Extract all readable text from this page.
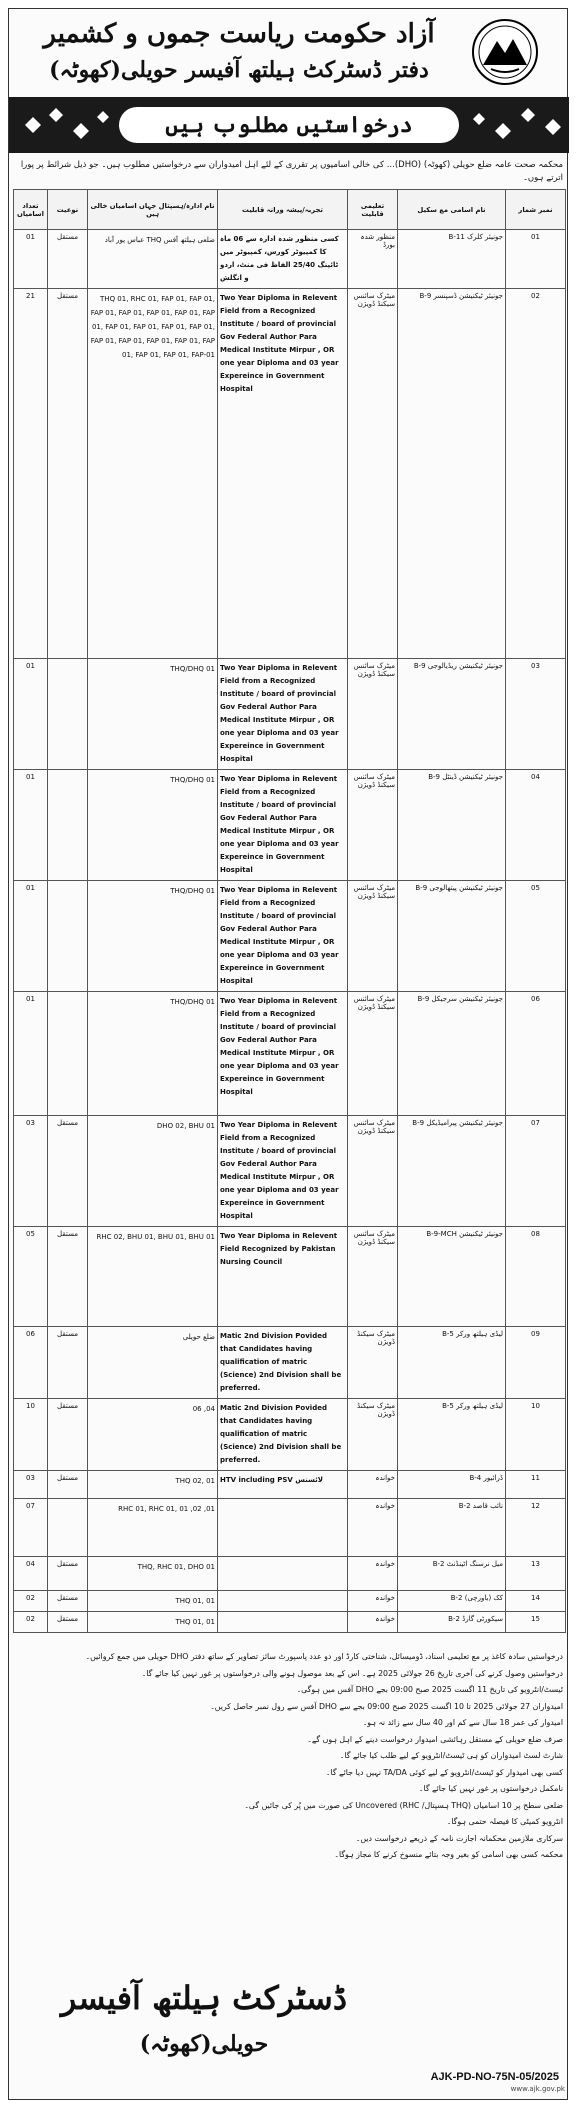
آزاد حکومت ریاست جموں و کشمیر
دفتر ڈسٹرکٹ ہیلتھ آفیسر حویلی(کھوٹہ)
درخواستیں مطلوب ہیں
محکمہ صحت عامہ ضلع حویلی (کھوٹہ) (DHO)... کی خالی اسامیوں پر تقرری کے لئے اہل امیدواران سے درخواستیں مطلوب ہیں۔ جو ذیل شرائط پر پورا اترتے ہوں۔
تعداد اسامیاں	نوعیت	نام ادارہ/ہسپتال جہاں اسامیاں خالی ہیں	تجربہ/پیشہ ورانہ قابلیت	تعلیمی قابلیت	نام اسامی مع سکیل	نمبر شمار
01	مستقل	ضلعی ہیلتھ آفس THQ عباس پور آباد	کسی منظور شدہ ادارہ سے 06 ماہ کا کمپیوٹر کورس، کمپیوٹر میں ٹائپنگ 25/40 الفاظ فی منٹ، اردو و انگلش	منظور شدہ بورڈ	جونیئر کلرک B-11	01
21	مستقل	THQ 01, RHC 01, FAP 01, FAP 01, FAP 01, FAP 01, FAP 01, FAP 01, FAP 01, FAP 01, FAP 01, FAP 01, FAP 01, FAP 01, FAP 01, FAP 01, FAP 01, FAP 01, FAP 01, FAP 01, FAP-01	Two Year Diploma in Relevent Field from a Recognized Institute / board of provincial Gov Federal Author Para Medical Institute Mirpur , OR one year Diploma and 03 year Expereince in Government Hospital	میٹرک سائنس سیکنڈ ڈویژن	جونیئر ٹیکنیشن ڈسپنسر B-9	02
01		THQ/DHQ 01	Two Year Diploma in Relevent Field from a Recognized Institute / board of provincial Gov Federal Author Para Medical Institute Mirpur , OR one year Diploma and 03 year Expereince in Government Hospital	میٹرک سائنس سیکنڈ ڈویژن	جونیئر ٹیکنیشن ریڈیالوجی B-9	03
01		THQ/DHQ 01	Two Year Diploma in Relevent Field from a Recognized Institute / board of provincial Gov Federal Author Para Medical Institute Mirpur , OR one year Diploma and 03 year Expereince in Government Hospital	میٹرک سائنس سیکنڈ ڈویژن	جونیئر ٹیکنیشن ڈینٹل B-9	04
01		THQ/DHQ 01	Two Year Diploma in Relevent Field from a Recognized Institute / board of provincial Gov Federal Author Para Medical Institute Mirpur , OR one year Diploma and 03 year Expereince in Government Hospital	میٹرک سائنس سیکنڈ ڈویژن	جونیئر ٹیکنیشن پیتھالوجی B-9	05
01		THQ/DHQ 01	Two Year Diploma in Relevent Field from a Recognized Institute / board of provincial Gov Federal Author Para Medical Institute Mirpur , OR one year Diploma and 03 year Expereince in Government Hospital	میٹرک سائنس سیکنڈ ڈویژن	جونیئر ٹیکنیشن سرجیکل B-9	06
03	مستقل	DHO 02, BHU 01	Two Year Diploma in Relevent Field from a Recognized Institute / board of provincial Gov Federal Author Para Medical Institute Mirpur , OR one year Diploma and 03 year Expereince in Government Hospital	میٹرک سائنس سیکنڈ ڈویژن	جونیئر ٹیکنیشن پیرامیڈیکل B-9	07
05	مستقل	RHC 02, BHU 01, BHU 01, BHU 01	Two Year Diploma in Relevent Field Recognized by Pakistan Nursing Council	میٹرک سائنس سیکنڈ ڈویژن	جونیئر ٹیکنیشن B-9-MCH	08
06	مستقل	ضلع حویلی	Matic 2nd Division Povided that Candidates having qualification of matric (Science) 2nd Division shall be preferred.	میٹرک سیکنڈ ڈویژن	لیڈی ہیلتھ ورکر B-5	09
10	مستقل	04, 06	Matic 2nd Division Povided that Candidates having qualification of matric (Science) 2nd Division shall be preferred.	میٹرک سیکنڈ ڈویژن	لیڈی ہیلتھ ورکر B-5	10
03	مستقل	THQ 02, 01	HTV including PSV لائسنس	خواندہ	ڈرائیور B-4	11
07		01, 02, RHC 01, RHC 01, 01		خواندہ	نائب قاصد B-2	12
04	مستقل	THQ, RHC 01, DHO 01		خواندہ	میل نرسنگ اٹینڈنٹ B-2	13
02	مستقل	THQ 01, 01		خواندہ	کک (باورچی) B-2	14
02	مستقل	THQ 01, 01		خواندہ	سیکورٹی گارڈ B-2	15
درخواستیں سادہ کاغذ پر مع تعلیمی اسناد، ڈومیسائل، شناختی کارڈ اور دو عدد پاسپورٹ سائز تصاویر کے ساتھ دفتر DHO حویلی میں جمع کروائیں۔
درخواستیں وصول کرنے کی آخری تاریخ 26 جولائی 2025 ہے۔ اس کے بعد موصول ہونے والی درخواستوں پر غور نہیں کیا جائے گا۔
ٹیسٹ/انٹرویو کی تاریخ 11 اگست 2025 صبح 09:00 بجے DHO آفس میں ہوگی۔
امیدواران 27 جولائی 2025 تا 10 اگست 2025 صبح 09:00 بجے سے DHO آفس سے رول نمبر حاصل کریں۔
امیدوار کی عمر 18 سال سے کم اور 40 سال سے زائد نہ ہو۔
صرف ضلع حویلی کے مستقل رہائشی امیدوار درخواست دینے کے اہل ہوں گے۔
شارٹ لسٹ امیدواران کو ہی ٹیسٹ/انٹرویو کے لیے طلب کیا جائے گا۔
کسی بھی امیدوار کو ٹیسٹ/انٹرویو کے لیے کوئی TA/DA نہیں دیا جائے گا۔
نامکمل درخواستوں پر غور نہیں کیا جائے گا۔
ضلعی سطح پر 10 اسامیاں (THQ ہسپتال/ RHC) Uncovered کی صورت میں پُر کی جائیں گی۔
انٹرویو کمیٹی کا فیصلہ حتمی ہوگا۔
سرکاری ملازمین محکمانہ اجازت نامہ کے ذریعے درخواست دیں۔
محکمہ کسی بھی اسامی کو بغیر وجہ بتائے منسوخ کرنے کا مجاز ہوگا۔
ڈسٹرکٹ ہیلتھ آفیسر
حویلی(کھوٹہ)
AJK-PD-NO-75N-05/2025
www.ajk.gov.pk
